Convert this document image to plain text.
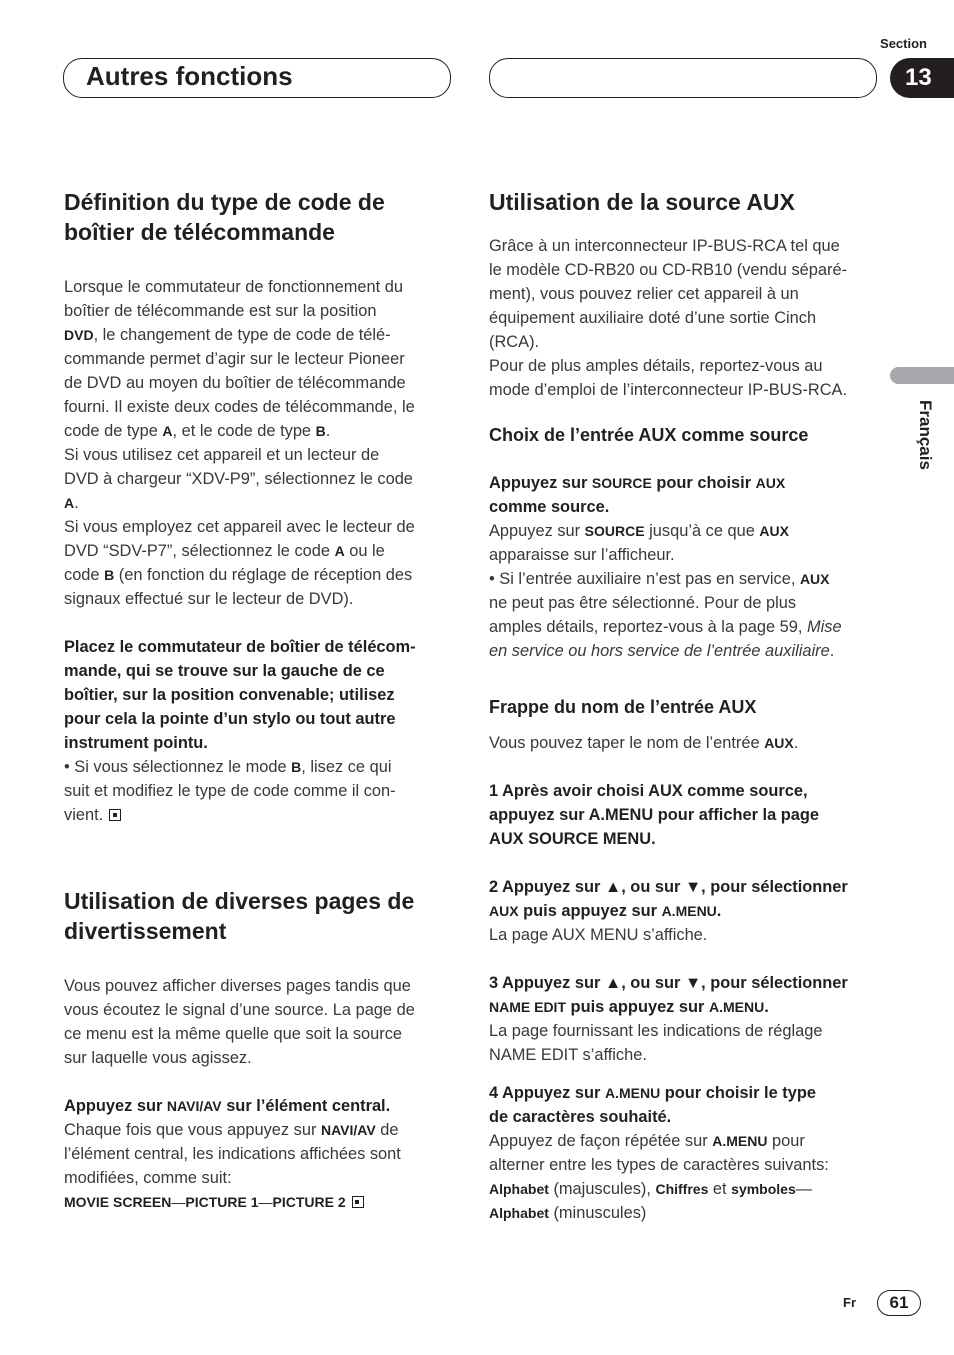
Autres fonctions
Section
13
Français
Définition du type de code de
boîtier de télécommande

Lorsque le commutateur de fonctionnement du
boîtier de télécommande est sur la position
DVD, le changement de type de code de télé-
commande permet d’agir sur le lecteur Pioneer
de DVD au moyen du boîtier de télécommande
fourni. Il existe deux codes de télécommande, le
code de type A, et le code de type B.
Si vous utilisez cet appareil et un lecteur de
DVD à chargeur “XDV-P9”, sélectionnez le code
A.
Si vous employez cet appareil avec le lecteur de
DVD “SDV-P7”, sélectionnez le code A ou le
code B (en fonction du réglage de réception des
signaux effectué sur le lecteur de DVD).

Placez le commutateur de boîtier de télécom-
mande, qui se trouve sur la gauche de ce
boîtier, sur la position convenable; utilisez
pour cela la pointe d’un stylo ou tout autre
instrument pointu.

• Si vous sélectionnez le mode B, lisez ce qui
suit et modifiez le type de code comme il con-
vient.

Utilisation de diverses pages de
divertissement

Vous pouvez afficher diverses pages tandis que
vous écoutez le signal d’une source. La page de
ce menu est la même quelle que soit la source
sur laquelle vous agissez.

Appuyez sur NAVI/AV sur l’élément central.

Chaque fois que vous appuyez sur NAVI/AV de
l’élément central, les indications affichées sont
modifiées, comme suit:
MOVIE SCREEN—PICTURE 1—PICTURE 2

Utilisation de la source AUX

Grâce à un interconnecteur IP-BUS-RCA tel que
le modèle CD-RB20 ou CD-RB10 (vendu séparé-
ment), vous pouvez relier cet appareil à un
équipement auxiliaire doté d’une sortie Cinch
(RCA).
Pour de plus amples détails, reportez-vous au
mode d’emploi de l’interconnecteur IP-BUS-RCA.

Choix de l’entrée AUX comme source

Appuyez sur SOURCE pour choisir AUX
comme source.

Appuyez sur SOURCE jusqu’à ce que AUX
apparaisse sur l’afficheur.
• Si l’entrée auxiliaire n’est pas en service, AUX
ne peut pas être sélectionné. Pour de plus
amples détails, reportez-vous à la page 59, Mise
en service ou hors service de l’entrée auxiliaire.

Frappe du nom de l’entrée AUX

Vous pouvez taper le nom de l’entrée AUX.

1 Après avoir choisi AUX comme source,
appuyez sur A.MENU pour afficher la page
AUX SOURCE MENU.

2 Appuyez sur ▲, ou sur ▼, pour sélectionner
AUX puis appuyez sur A.MENU.

La page AUX MENU s’affiche.

3 Appuyez sur ▲, ou sur ▼, pour sélectionner
NAME EDIT puis appuyez sur A.MENU.

La page fournissant les indications de réglage
NAME EDIT s’affiche.

4 Appuyez sur A.MENU pour choisir le type
de caractères souhaité.

Appuyez de façon répétée sur A.MENU pour
alterner entre les types de caractères suivants:
Alphabet (majuscules), Chiffres et symboles—
Alphabet (minuscules)

Fr	61
